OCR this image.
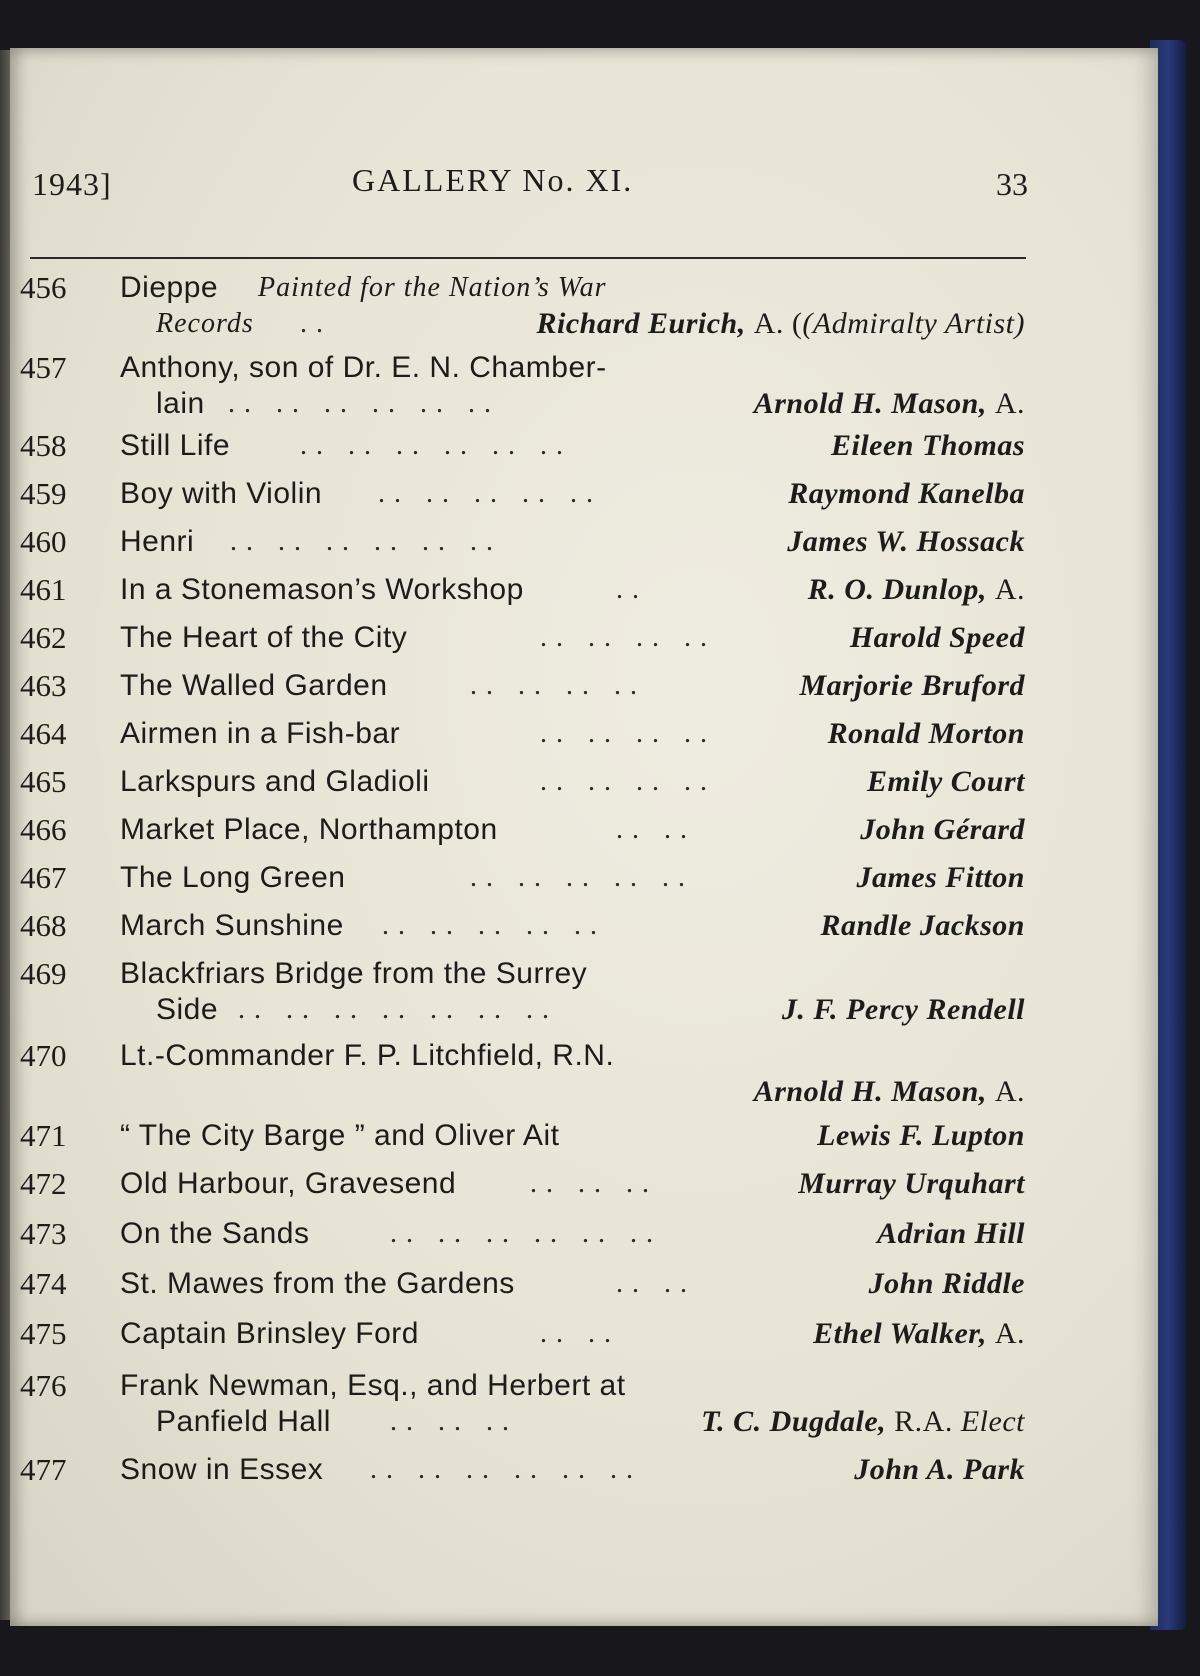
1943]	GALLERY No. XI.	33
456	Dieppe Painted for the Nation’s War
Records ..	Richard Eurich, A. ((Admiralty Artist)
457	Anthony, son of Dr. E. N. Chamber-
lain .. .. .. .. .. ..	Arnold H. Mason, A.
458	Still Life .. .. .. .. .. ..	Eileen Thomas
459	Boy with Violin .. .. .. .. ..	Raymond Kanelba
460	Henri .. .. .. .. .. ..	James W. Hossack
461	In a Stonemason’s Workshop	..	R. O. Dunlop, A.
462	The Heart of the City	.. .. .. ..	Harold Speed
463	The Walled Garden	.. .. .. ..	Marjorie Bruford
464	Airmen in a Fish-bar	.. .. .. ..	Ronald Morton
465	Larkspurs and Gladioli	.. .. .. ..	Emily Court
466	Market Place, Northampton	.. ..	John Gérard
467	The Long Green	.. .. .. .. ..	James Fitton
468	March Sunshine .. .. .. .. ..	Randle Jackson
469	Blackfriars Bridge from the Surrey
Side .. .. .. .. .. .. ..	J. F. Percy Rendell
470	Lt.-Commander F. P. Litchfield, R.N.
Arnold H. Mason, A.
471	“ The City Barge ” and Oliver Ait	Lewis F. Lupton
472	Old Harbour, Gravesend	.. .. ..	Murray Urquhart
473	On the Sands	.. .. .. .. .. ..	Adrian Hill
474	St. Mawes from the Gardens	.. ..	John Riddle
475	Captain Brinsley Ford	.. ..	Ethel Walker, A.
476	Frank Newman, Esq., and Herbert at
Panfield Hall .. .. ..	T. C. Dugdale, R.A. Elect
477	Snow in Essex .. .. .. .. .. ..	John A. Park
